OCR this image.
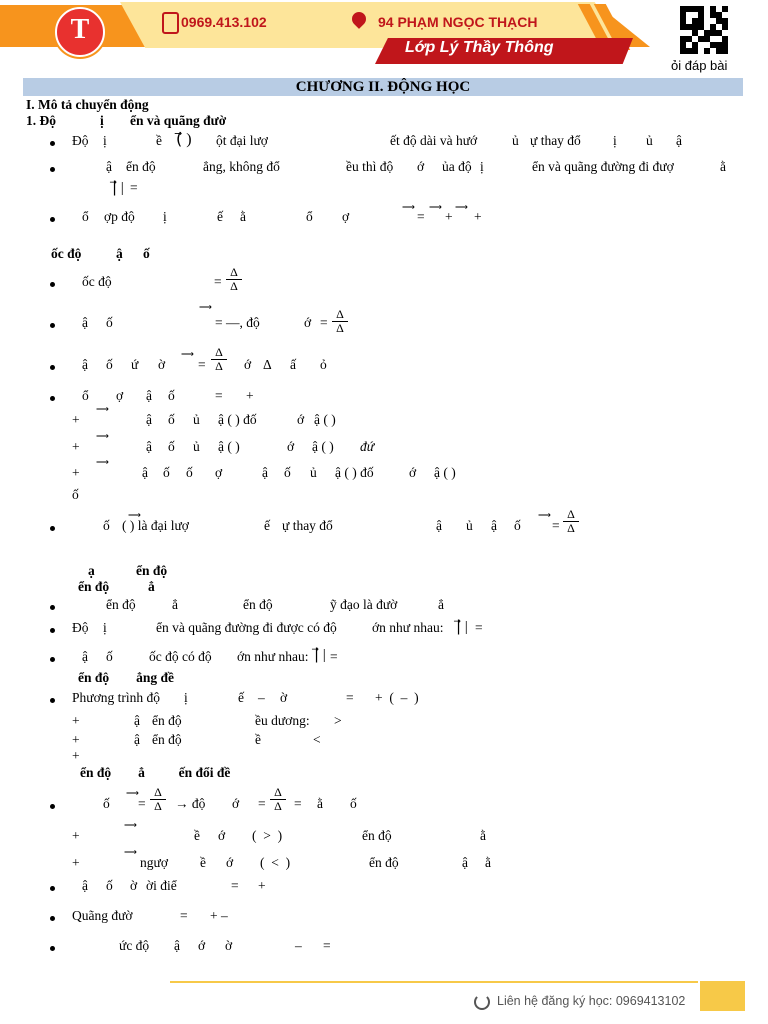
T	0969.413.102	94 PHẠM NGỌC THẠCH
Lớp Lý Thầy Thông
ỏi đáp bài
CHƯƠNG II. ĐỘNG HỌC
I. Mô tả chuyển động
1. Độ	ị ển và quãng đườ
Độ ị	ề (⃗ ) ột đại lượ	ết độ dài và hướ	ủ ự thay đổ ị ủ ậ
ậ ển độ	ẳng, không đổ	ều thì độ ớ ủa độ ị	ển và quãng đường đi đượ	ằ
|⃗ | =
ổ ợp độ ị	ế ằ	ổ ợ
⟶
=
⟶
+
⟶
+
ốc độ	ậ ố
ốc độ	= $\frac{\Delta}{\Delta}$
ậ ố
⟶
= —, độ	ớ = $\frac{\Delta}{\Delta}$
ậ ố ứ ờ
⟶
= $\frac{\Delta}{\Delta}$ ớ Δ ấ ỏ
ổ ợ ậ ố	= +
+
⟶
ậ ố ủ ậ ( ) đố	ớ ậ ( )
+
⟶
ậ ố ủ ậ ( )	ớ ậ ( ) đứ
+
⟶
ậ ố ố ợ	ậ ố ủ ậ ( ) đố	ớ ậ ( )
ố
ố
⟶
( ) là đại lượ	ế ự thay đổ	ậ ủ ậ ố
⟶
= $\frac{\Delta}{\Delta}$
ạ	ển độ
ển độ	ẳ
ển độ	ẳ	ển độ	ỹ đạo là đườ	ẳ
Độ ị	ển và quãng đường đi được có độ	ớn như nhau: |⃗ | =
ậ ố	ốc độ có độ ớn như nhau: |⃗ | =
ển độ        ẳng đề
Phương trình độ ị	ế – ờ	= +  (  –  )
+	ậ ển độ	ều dương: >
+	ậ ển độ	ề	<
+
ển độ        ẳ          ến đổi đề
ố
⟶
= $\frac{\Delta}{\Delta}$ → độ ớ = $\frac{\Delta}{\Delta}$ = ằ ố
+
⟶
ề ớ (  >  )	ển độ	ằ
+
⟶
ngượ ề ớ (  <  )	ển độ	ậ ằ
ậ ố ờ ời điể	= +
Quãng đườ	= + –
ức độ ậ ớ ờ	– =
Liên hệ đăng ký học: 0969413102
